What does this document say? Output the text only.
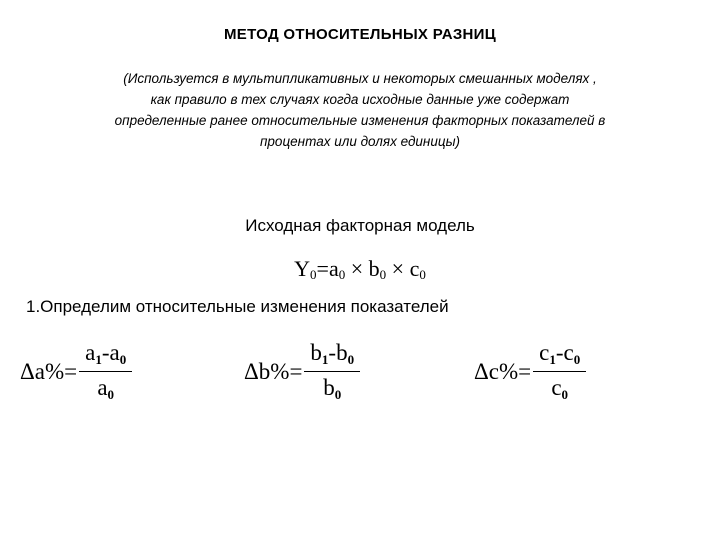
МЕТОД ОТНОСИТЕЛЬНЫХ РАЗНИЦ
(Используется в мультипликативных и некоторых смешанных моделях ,
как правило в тех случаях когда исходные данные уже содержат
определенные ранее относительные изменения факторных показателей в
процентах или долях единицы)
Исходная факторная модель
$Y_0=a_0 \times b_0 \times c_0$
1.Определим относительные изменения показателей
$\Delta a\%= \frac{a_1-a_0}{a_0}$	$\Delta b\%= \frac{b_1-b_0}{b_0}$	$\Delta c\%= \frac{c_1-c_0}{c_0}$
